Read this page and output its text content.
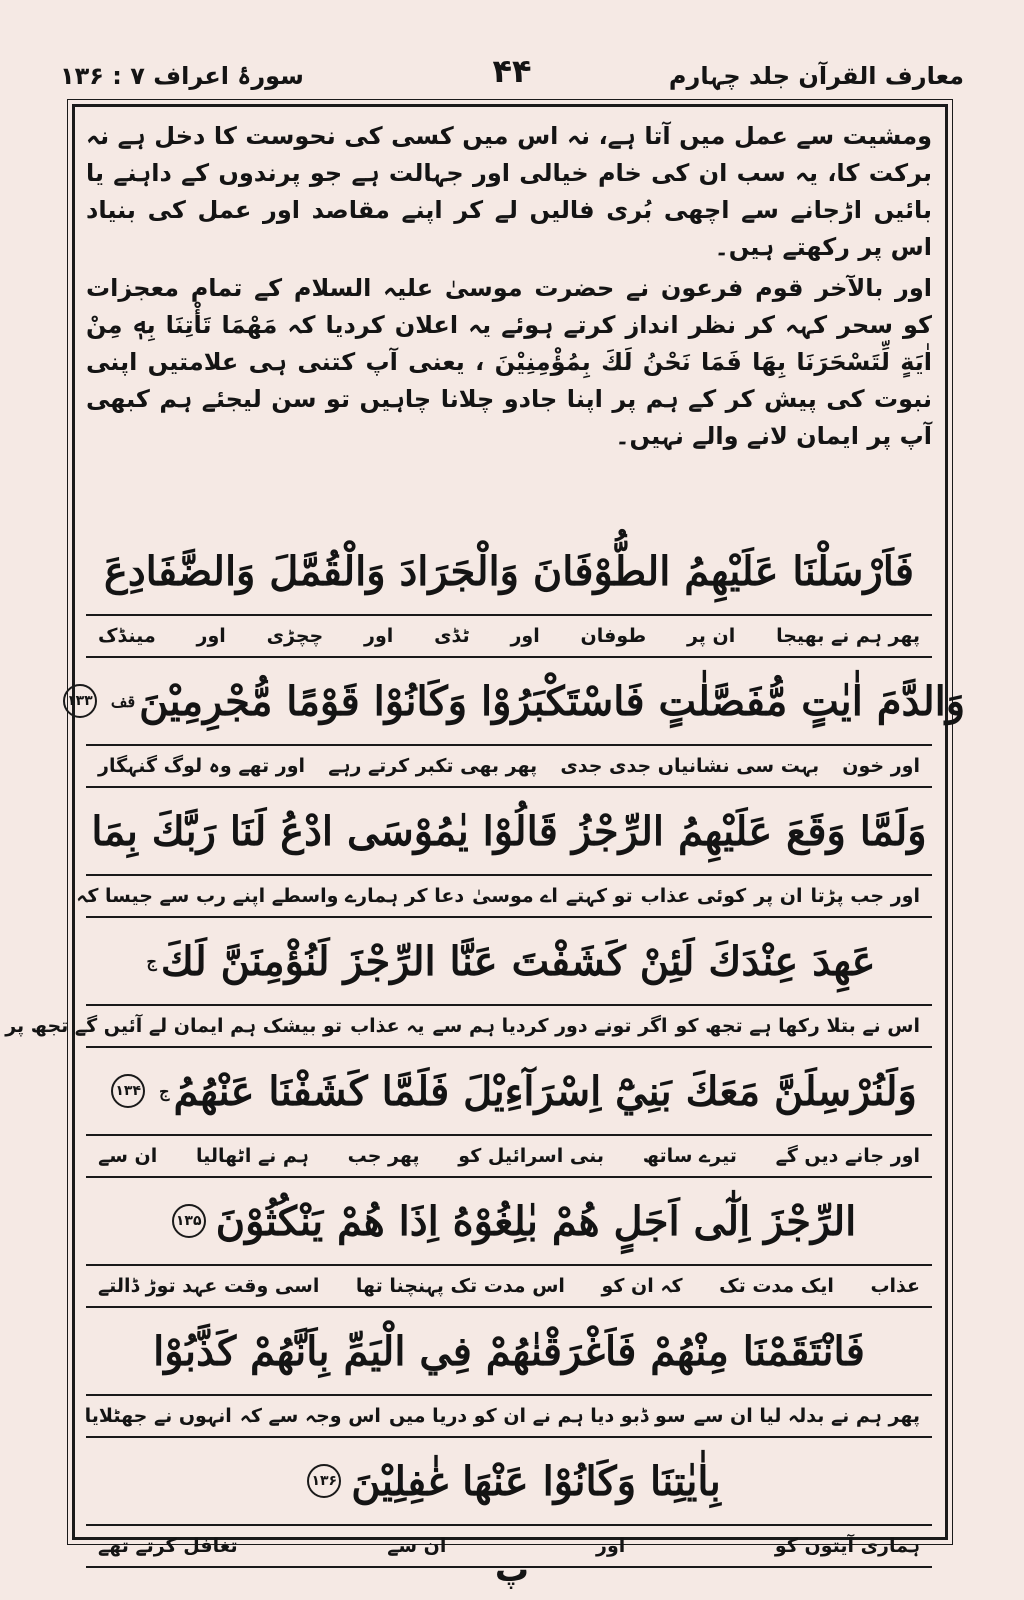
معارف القرآن جلد چہارم
۴۴
سورۂ اعراف ۷ : ۱۳۶

ومشیت سے عمل میں آتا ہے، نہ اس میں کسی کی نحوست کا دخل ہے نہ برکت کا، یہ سب ان کی خام خیالی اور جہالت ہے جو پرندوں کے داہنے یا بائیں اڑجانے سے اچھی بُری فالیں لے کر اپنے مقاصد اور عمل کی بنیاد اس پر رکھتے ہیں۔

اور بالآخر قوم فرعون نے حضرت موسیٰ علیہ السلام کے تمام معجزات کو سحر کہہ کر نظر انداز کرتے ہوئے یہ اعلان کردیا کہ مَهْمَا تَأْتِنَا بِهٖ مِنْ اٰيَةٍ لِّتَسْحَرَنَا بِهَا فَمَا نَحْنُ لَكَ بِمُؤْمِنِيْنَ ، یعنی آپ کتنی ہی علامتیں اپنی نبوت کی پیش کر کے ہم پر اپنا جادو چلانا چاہیں تو سن لیجئے ہم کبھی آپ پر ایمان لانے والے نہیں۔

فَاَرْسَلْنَا عَلَيْهِمُ الطُّوْفَانَ وَالْجَرَادَ وَالْقُمَّلَ وَالضَّفَادِعَ
پھر ہم نے بھیجا
ان پر
طوفان
اور
ٹڈی
اور
چچڑی
اور
مینڈک
وَالدَّمَ اٰيٰتٍ مُّفَصَّلٰتٍ فَاسْتَكْبَرُوْا وَكَانُوْا قَوْمًا مُّجْرِمِيْنَ
قف
۱۳۳
اور خون
بہت سی نشانیاں جدی جدی
پھر بھی تکبر کرتے رہے
اور تھے وہ لوگ گنہگار
وَلَمَّا وَقَعَ عَلَيْهِمُ الرِّجْزُ قَالُوْا يٰمُوْسَى ادْعُ لَنَا رَبَّكَ بِمَا
اور جب پڑتا
ان پر
کوئی عذاب
تو کہتے
اے موسیٰ
دعا کر ہمارے واسطے اپنے رب سے جیسا کہ
عَهِدَ عِنْدَكَ لَئِنْ كَشَفْتَ عَنَّا الرِّجْزَ لَنُؤْمِنَنَّ لَكَ
ج
اس نے بتلا رکھا ہے تجھ کو
اگر تونے دور کردیا ہم سے
یہ عذاب
تو بیشک ہم ایمان لے آئیں گے تجھ پر
وَلَنُرْسِلَنَّ مَعَكَ بَنِيْٓ اِسْرَآءِيْلَ فَلَمَّا كَشَفْنَا عَنْهُمُ
ج
۱۳۴
اور جانے دیں گے
تیرے ساتھ
بنی اسرائیل کو
پھر جب
ہم نے اٹھالیا
ان سے
الرِّجْزَ اِلٰٓى اَجَلٍ هُمْ بٰلِغُوْهُ اِذَا هُمْ يَنْكُثُوْنَ
۱۳۵
عذاب
ایک مدت تک
کہ ان کو
اس مدت تک پہنچنا تھا
اسی وقت عہد توڑ ڈالتے
فَانْتَقَمْنَا مِنْهُمْ فَاَغْرَقْنٰهُمْ فِي الْيَمِّ بِاَنَّهُمْ كَذَّبُوْا
پھر ہم نے بدلہ لیا ان سے
سو ڈبو دیا ہم نے ان کو دریا میں
اس وجہ سے کہ
انہوں نے جھٹلایا
بِاٰيٰتِنَا وَكَانُوْا عَنْهَا غٰفِلِيْنَ
۱۳۶
ہماری آیتوں کو
اور
ان سے
تغافل کرتے تھے
پ
